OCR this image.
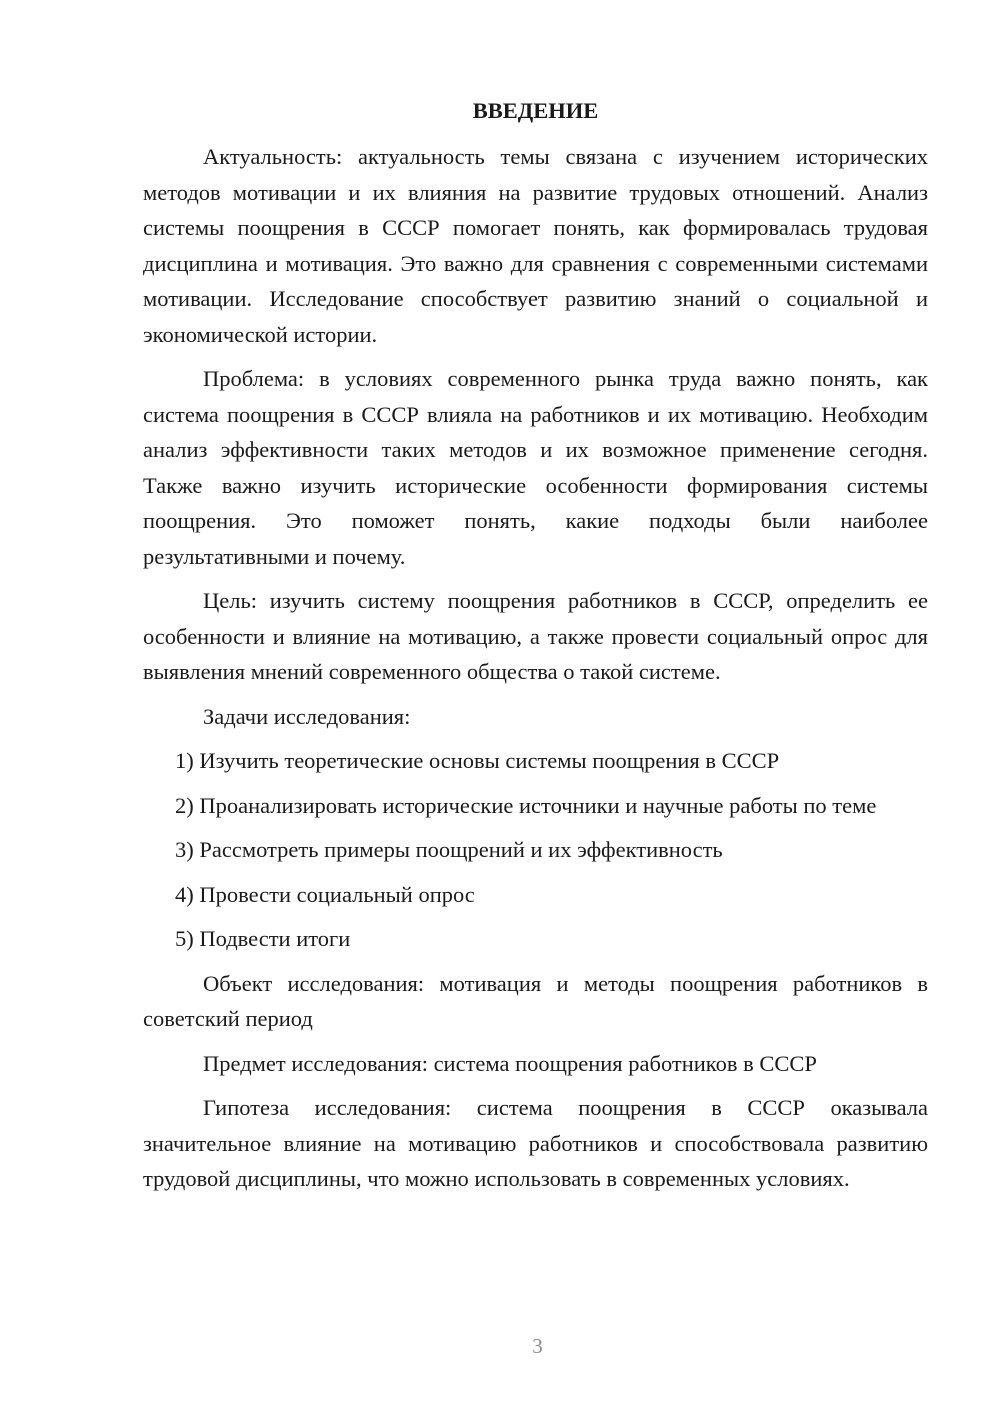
ВВЕДЕНИЕ

Актуальность: актуальность темы связана с изучением исторических методов мотивации и их влияния на развитие трудовых отношений. Анализ системы поощрения в СССР помогает понять, как формировалась трудовая дисциплина и мотивация. Это важно для сравнения с современными системами мотивации. Исследование способствует развитию знаний о социальной и экономической истории.

Проблема: в условиях современного рынка труда важно понять, как система поощрения в СССР влияла на работников и их мотивацию. Необходим анализ эффективности таких методов и их возможное применение сегодня. Также важно изучить исторические особенности формирования системы поощрения. Это поможет понять, какие подходы были наиболее результативными и почему.

Цель: изучить систему поощрения работников в СССР, определить ее особенности и влияние на мотивацию, а также провести социальный опрос для выявления мнений современного общества о такой системе.

Задачи исследования:

1) Изучить теоретические основы системы поощрения в СССР

2) Проанализировать исторические источники и научные работы по теме

3) Рассмотреть примеры поощрений и их эффективность

4) Провести социальный опрос

5) Подвести итоги

Объект исследования: мотивация и методы поощрения работников в советский период

Предмет исследования: система поощрения работников в СССР

Гипотеза исследования: система поощрения в СССР оказывала значительное влияние на мотивацию работников и способствовала развитию трудовой дисциплины, что можно использовать в современных условиях.

3
